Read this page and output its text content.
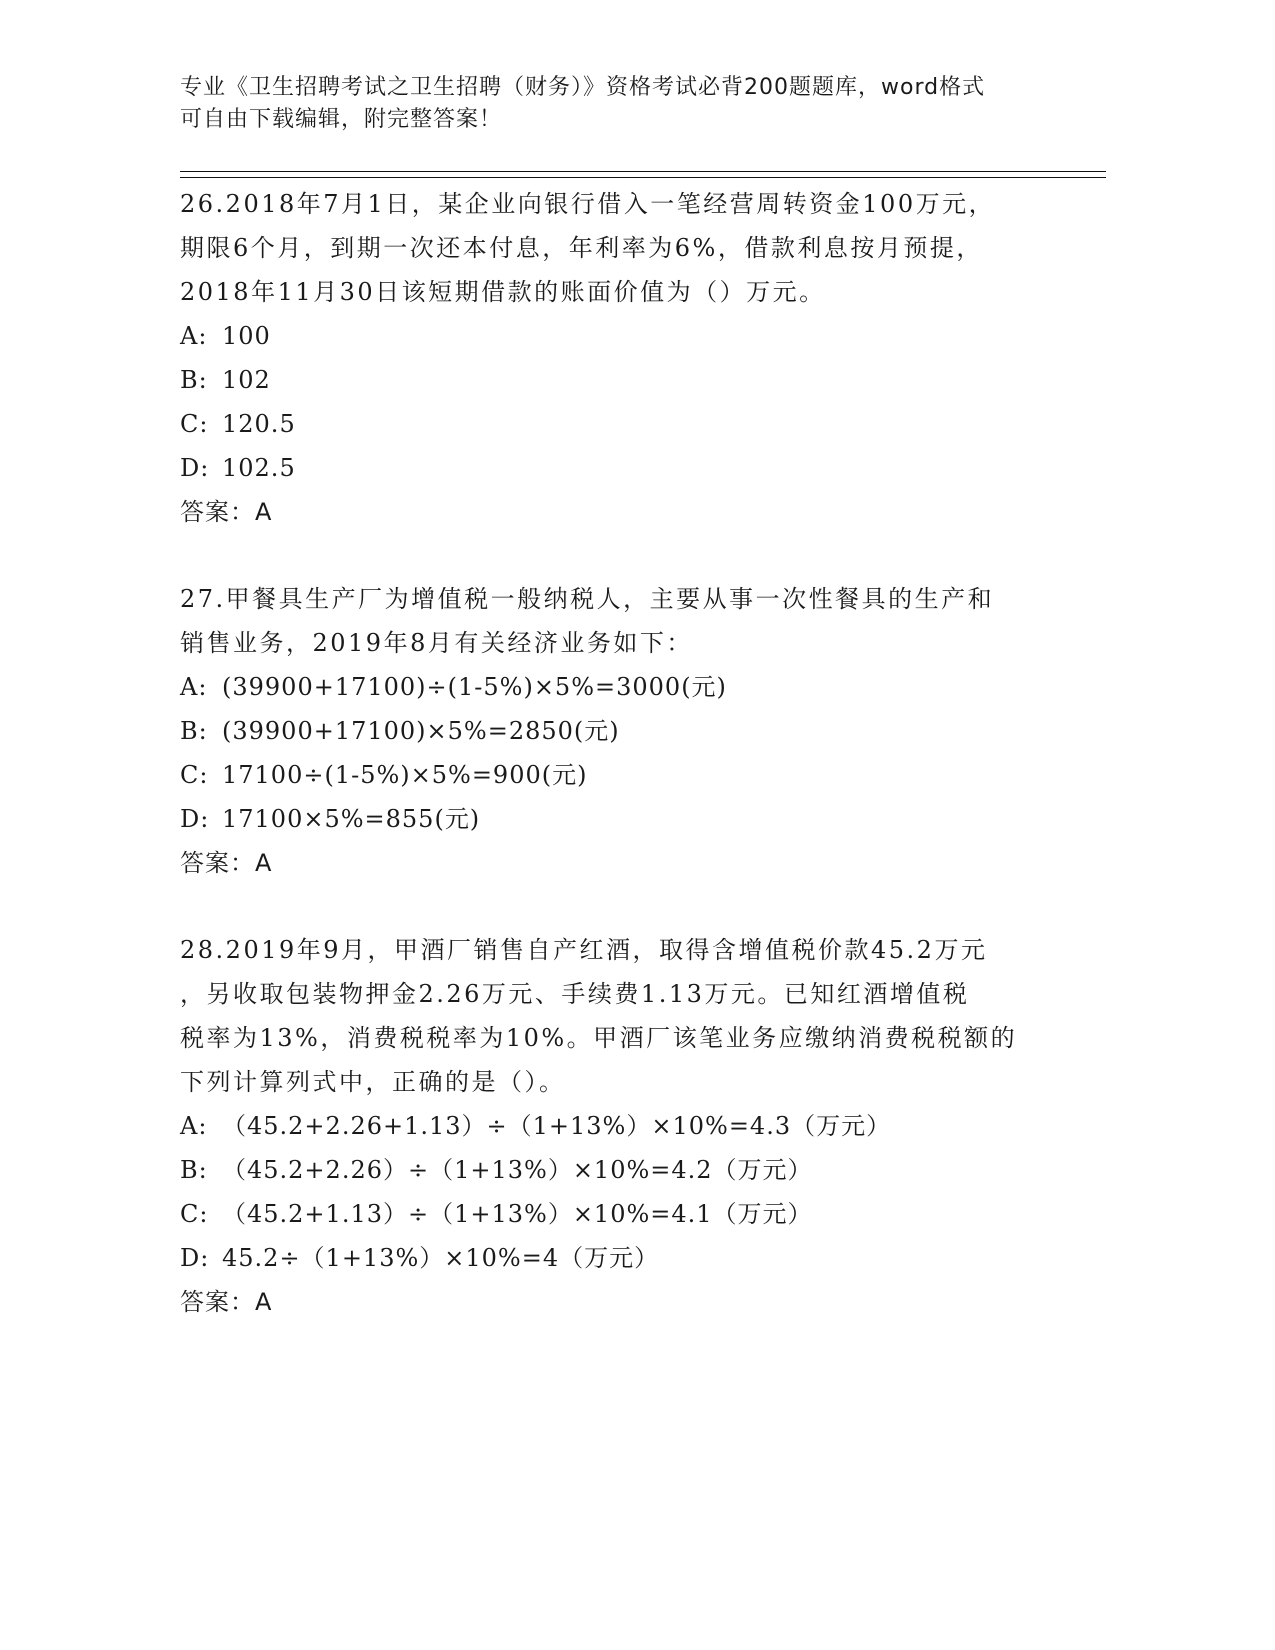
专业《卫生招聘考试之卫生招聘（财务）》资格考试必背200题题库，word格式
可自由下载编辑，附完整答案！
26.2018年7月1日，某企业向银行借入一笔经营周转资金100万元，
期限6个月，到期一次还本付息，年利率为6%，借款利息按月预提，
2018年11月30日该短期借款的账面价值为（）万元。
A: 100
B: 102
C: 120.5
D: 102.5
答案：A
27.甲餐具生产厂为增值税一般纳税人，主要从事一次性餐具的生产和
销售业务，2019年8月有关经济业务如下：
A: (39900+17100)÷(1-5%)×5%=3000(元)
B: (39900+17100)×5%=2850(元)
C: 17100÷(1-5%)×5%=900(元)
D: 17100×5%=855(元)
答案：A
28.2019年9月，甲酒厂销售自产红酒，取得含增值税价款45.2万元
，另收取包装物押金2.26万元、手续费1.13万元。已知红酒增值税
税率为13%，消费税税率为10%。甲酒厂该笔业务应缴纳消费税税额的
下列计算列式中，正确的是（）。
A: （45.2+2.26+1.13）÷（1+13%）×10%=4.3（万元）
B: （45.2+2.26）÷（1+13%）×10%=4.2（万元）
C: （45.2+1.13）÷（1+13%）×10%=4.1（万元）
D: 45.2÷（1+13%）×10%=4（万元）
答案：A
